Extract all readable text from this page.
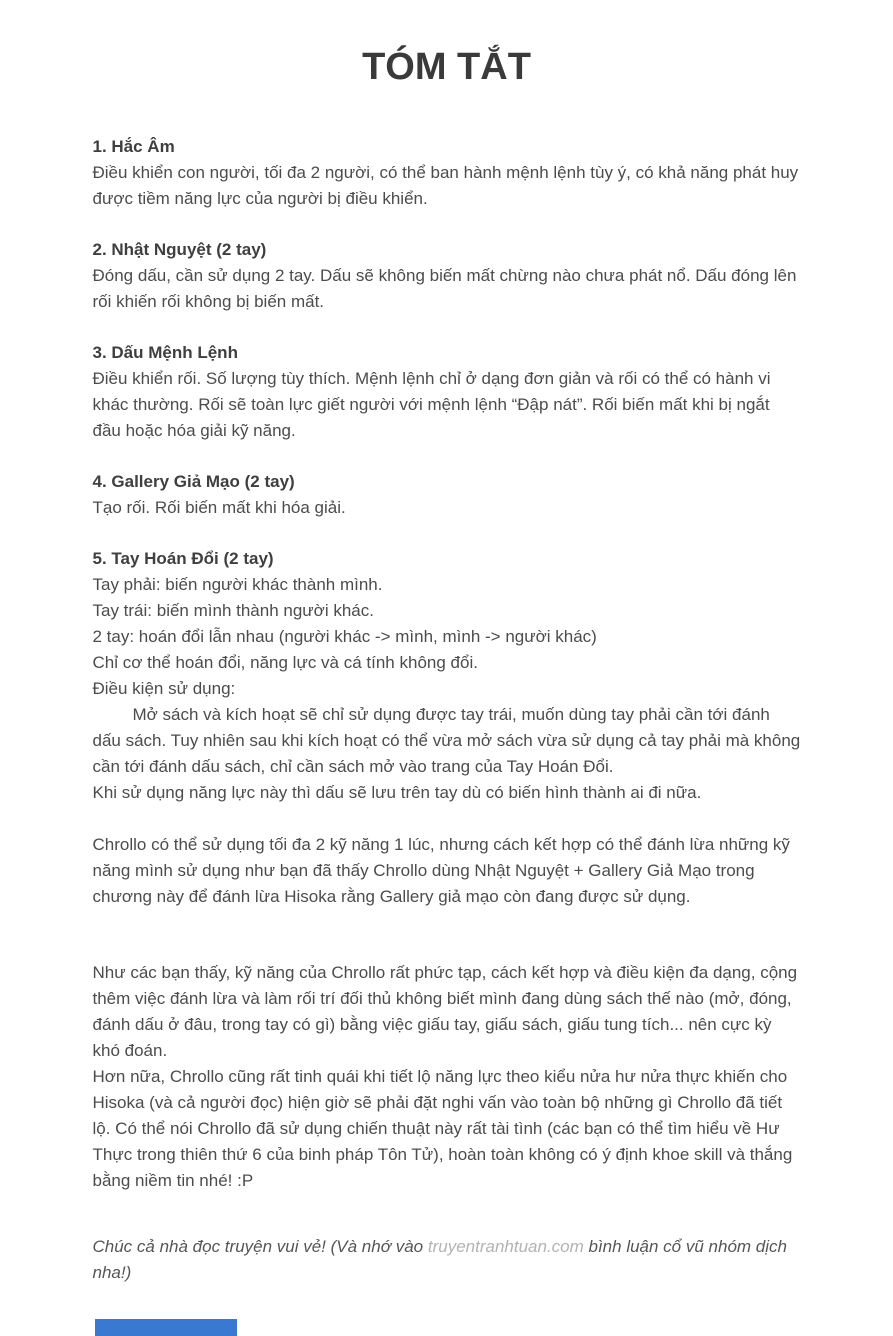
TÓM TẮT

1. Hắc Âm

Điều khiển con người, tối đa 2 người, có thể ban hành mệnh lệnh tùy ý, có khả năng phát huy được tiềm năng lực của người bị điều khiển.

2. Nhật Nguyệt (2 tay)

Đóng dấu, cần sử dụng 2 tay. Dấu sẽ không biến mất chừng nào chưa phát nổ. Dấu đóng lên rối khiến rối không bị biến mất.

3. Dấu Mệnh Lệnh

Điều khiển rối. Số lượng tùy thích. Mệnh lệnh chỉ ở dạng đơn giản và rối có thể có hành vi khác thường. Rối sẽ toàn lực giết người với mệnh lệnh “Đập nát”. Rối biến mất khi bị ngắt đầu hoặc hóa giải kỹ năng.

4. Gallery Giả Mạo (2 tay)

Tạo rối. Rối biến mất khi hóa giải.

5. Tay Hoán Đổi (2 tay)

Tay phải: biến người khác thành mình.

Tay trái: biến mình thành người khác.

2 tay: hoán đổi lẫn nhau (người khác -> mình, mình -> người khác)

Chỉ cơ thể hoán đổi, năng lực và cá tính không đổi.

Điều kiện sử dụng:

Mở sách và kích hoạt sẽ chỉ sử dụng được tay trái, muốn dùng tay phải cần tới đánh dấu sách. Tuy nhiên sau khi kích hoạt có thể vừa mở sách vừa sử dụng cả tay phải mà không cần tới đánh dấu sách, chỉ cần sách mở vào trang của Tay Hoán Đổi.

Khi sử dụng năng lực này thì dấu sẽ lưu trên tay dù có biến hình thành ai đi nữa.

Chrollo có thể sử dụng tối đa 2 kỹ năng 1 lúc, nhưng cách kết hợp có thể đánh lừa những kỹ năng mình sử dụng như bạn đã thấy Chrollo dùng Nhật Nguyệt + Gallery Giả Mạo trong chương này để đánh lừa Hisoka rằng Gallery giả mạo còn đang được sử dụng.

Như các bạn thấy, kỹ năng của Chrollo rất phức tạp, cách kết hợp và điều kiện đa dạng, cộng thêm việc đánh lừa và làm rối trí đối thủ không biết mình đang dùng sách thế nào (mở, đóng, đánh dấu ở đâu, trong tay có gì) bằng việc giấu tay, giấu sách, giấu tung tích... nên cực kỳ khó đoán.

Hơn nữa, Chrollo cũng rất tinh quái khi tiết lộ năng lực theo kiểu nửa hư nửa thực khiến cho Hisoka (và cả người đọc) hiện giờ sẽ phải đặt nghi vấn vào toàn bộ những gì Chrollo đã tiết lộ. Có thể nói Chrollo đã sử dụng chiến thuật này rất tài tình (các bạn có thể tìm hiểu về Hư Thực trong thiên thứ 6 của binh pháp Tôn Tử), hoàn toàn không có ý định khoe skill và thắng bằng niềm tin nhé! :P

Chúc cả nhà đọc truyện vui vẻ! (Và nhớ vào truyentranhtuan.com bình luận cổ vũ nhóm dịch nha!)
